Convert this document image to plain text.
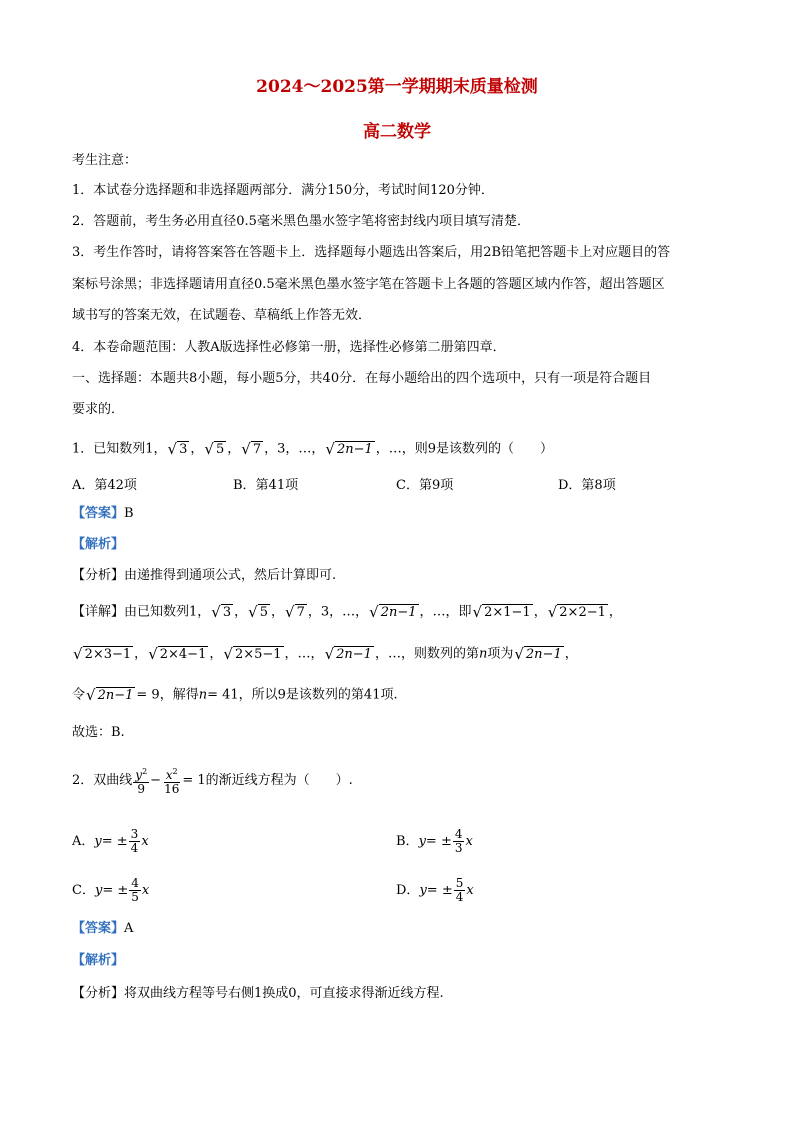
2024～2025第一学期期末质量检测
高二数学
考生注意：
1．本试卷分选择题和非选择题两部分．满分150分，考试时间120分钟．
2．答题前，考生务必用直径0.5毫米黑色墨水签字笔将密封线内项目填写清楚．
3．考生作答时，请将答案答在答题卡上．选择题每小题选出答案后，用2B铅笔把答题卡上对应题目的答
案标号涂黑；非选择题请用直径0.5毫米黑色墨水签字笔在答题卡上各题的答题区域内作答，超出答题区
域书写的答案无效，在试题卷、草稿纸上作答无效．
4．本卷命题范围：人教A版选择性必修第一册，选择性必修第二册第四章．
一、选择题：本题共8小题，每小题5分，共40分．在每小题给出的四个选项中，只有一项是符合题目
要求的．
1．已知数列1， √ 3 ， √ 5 ， √ 7 ，3，…， √ 2n−1 ，…，则9是该数列的（　　）
A．第42项	B．第41项	C．第9项	D．第8项
【答案】B
【解析】
【分析】由递推得到通项公式，然后计算即可.
【详解】由已知数列1， √ 3 ， √ 5 ， √ 7 ，3，…， √ 2n−1 ，…，即 √ 2×1−1 ， √ 2×2−1 ，
√ 2×3−1 ， √ 2×4−1 ， √ 2×5−1 ，…， √ 2n−1 ，…，则数列的第n项为 √ 2n−1 ，
令 √ 2n−1 = 9，解得n= 41，所以9是该数列的第41项.
故选：B.
2．双曲线 $\frac{y^2}{9} - \frac{x^2}{16} = 1$的渐近线方程为（　　）.
A．$y= \pm \frac{3}{4}$ x	B．$y= \pm \frac{4}{3}$ x
C．$y= \pm \frac{4}{5}$ x	D．$y= \pm \frac{5}{4}$ x
【答案】A
【解析】
【分析】将双曲线方程等号右侧1换成0，可直接求得渐近线方程.
